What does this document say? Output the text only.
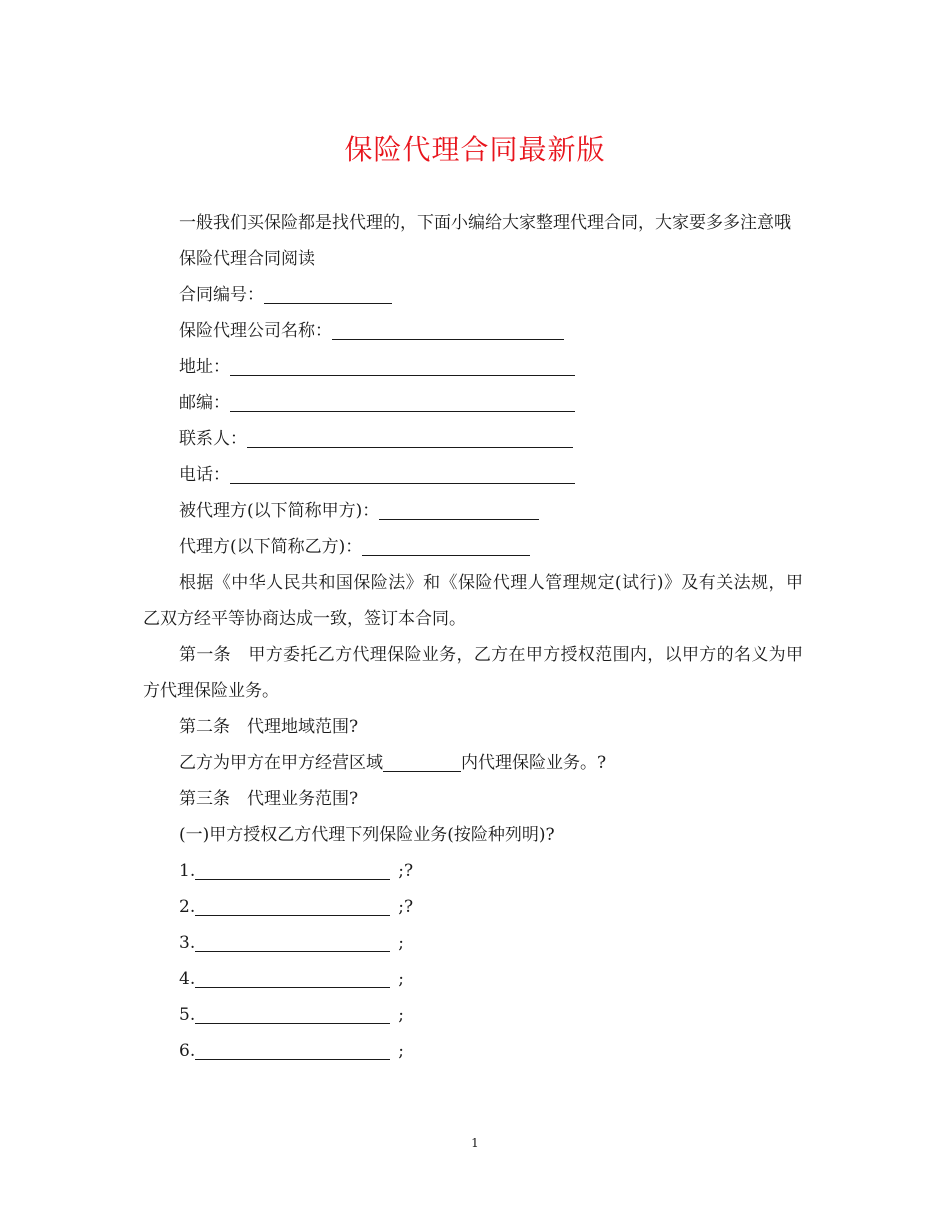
保险代理合同最新版

一般我们买保险都是找代理的，下面小编给大家整理代理合同，大家要多多注意哦

保险代理合同阅读

合同编号：

保险代理公司名称：

地址：

邮编：

联系人：

电话：

被代理方(以下简称甲方)：

代理方(以下简称乙方)：

根据《中华人民共和国保险法》和《保险代理人管理规定(试行)》及有关法规，甲乙双方经平等协商达成一致，签订本合同。

第一条　甲方委托乙方代理保险业务，乙方在甲方授权范围内，以甲方的名义为甲方代理保险业务。

第二条　代理地域范围?

乙方为甲方在甲方经营区域	内代理保险业务。?

第三条　代理业务范围?

(一)甲方授权乙方代理下列保险业务(按险种列明)?

1.	;?

2.	;?

3.	;

4.	;

5.	;

6.	;

1
